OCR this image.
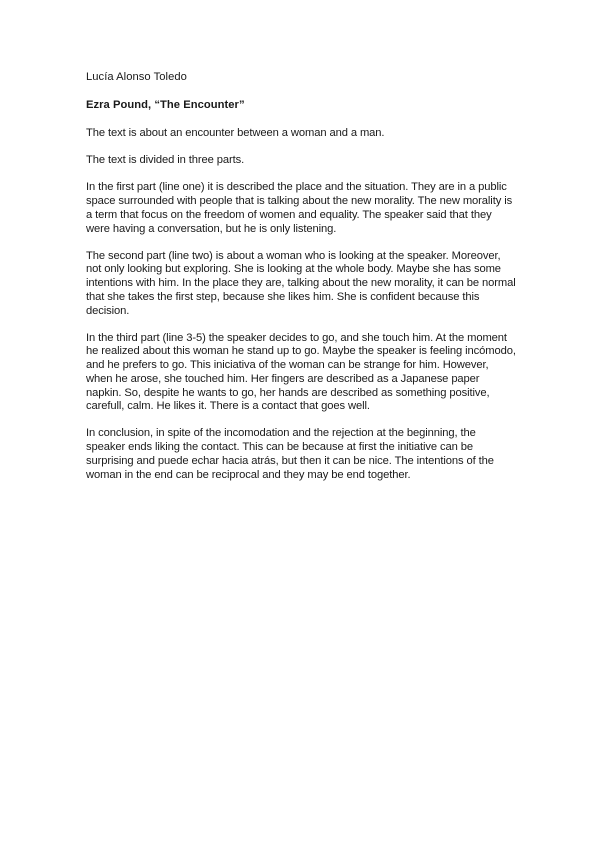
Lucía Alonso Toledo
Ezra Pound, “The Encounter”

The text is about an encounter between a woman and a man.

The text is divided in three parts.

In the first part (line one) it is described the place and the situation. They are in a public space surrounded with people that is talking about the new morality. The new morality is a term that focus on the freedom of women and equality. The speaker said that they were having a conversation, but he is only listening.

The second part (line two) is about a woman who is looking at the speaker. Moreover, not only looking but exploring. She is looking at the whole body. Maybe she has some intentions with him. In the place they are, talking about the new morality, it can be normal that she takes the first step, because she likes him. She is confident because this decision.

In the third part (line 3-5) the speaker decides to go, and she touch him. At the moment he realized about this woman he stand up to go. Maybe the speaker is feeling incómodo, and he prefers to go. This iniciativa of the woman can be strange for him. However, when he arose, she touched him. Her fingers are described as a Japanese paper napkin. So, despite he wants to go, her hands are described as something positive, carefull, calm. He likes it. There is a contact that goes well.

In conclusion, in spite of the incomodation and the rejection at the beginning, the speaker ends liking the contact. This can be because at first the initiative can be surprising and puede echar hacia atrás, but then it can be nice. The intentions of the woman in the end can be reciprocal and they may be end together.
